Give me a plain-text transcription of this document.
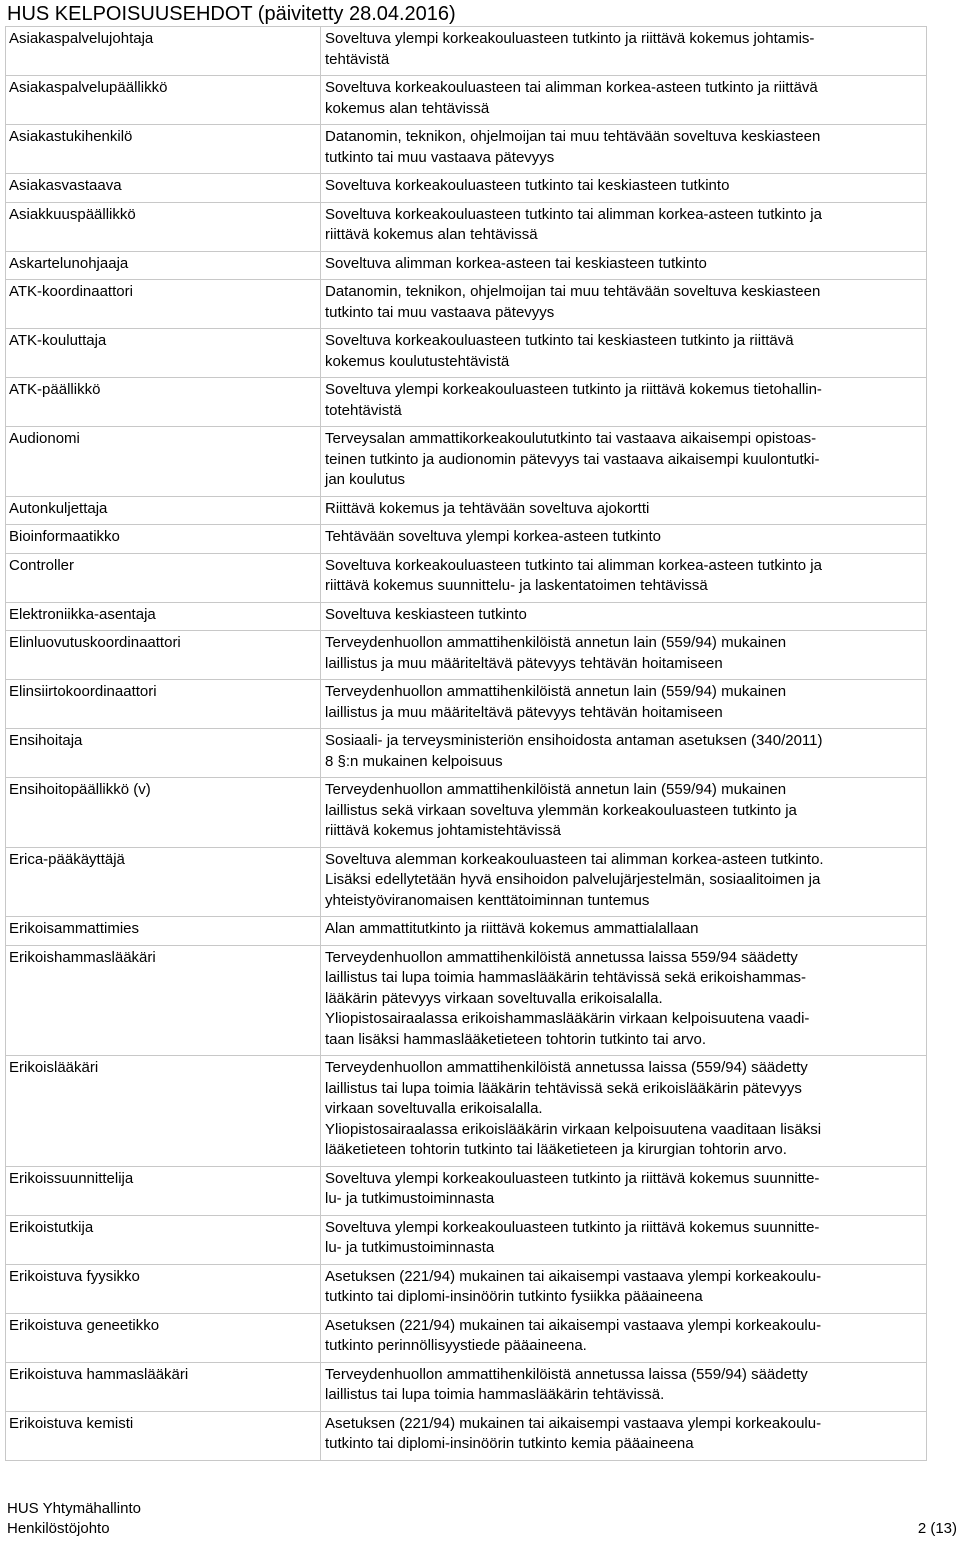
HUS KELPOISUUSEHDOT (päivitetty 28.04.2016)
Asiakaspalvelujohtaja	Soveltuva ylempi korkeakouluasteen tutkinto ja riittävä kokemus johtamis-
tehtävistä
Asiakaspalvelupäällikkö	Soveltuva korkeakouluasteen tai alimman korkea-asteen tutkinto ja riittävä
kokemus alan tehtävissä
Asiakastukihenkilö	Datanomin, teknikon, ohjelmoijan tai muu tehtävään soveltuva keskiasteen
tutkinto tai muu vastaava pätevyys
Asiakasvastaava	Soveltuva korkeakouluasteen tutkinto tai keskiasteen tutkinto
Asiakkuuspäällikkö	Soveltuva korkeakouluasteen tutkinto tai alimman korkea-asteen tutkinto ja
riittävä kokemus alan tehtävissä
Askartelunohjaaja	Soveltuva alimman korkea-asteen tai keskiasteen tutkinto
ATK-koordinaattori	Datanomin, teknikon, ohjelmoijan tai muu tehtävään soveltuva keskiasteen
tutkinto tai muu vastaava pätevyys
ATK-kouluttaja	Soveltuva korkeakouluasteen tutkinto tai keskiasteen tutkinto ja riittävä
kokemus koulutustehtävistä
ATK-päällikkö	Soveltuva ylempi korkeakouluasteen tutkinto ja riittävä kokemus tietohallin-
totehtävistä
Audionomi	Terveysalan ammattikorkeakoulututkinto tai vastaava aikaisempi opistoas-
teinen tutkinto ja audionomin pätevyys tai vastaava aikaisempi kuulontutki-
jan koulutus
Autonkuljettaja	Riittävä kokemus ja tehtävään soveltuva ajokortti
Bioinformaatikko	Tehtävään soveltuva ylempi korkea-asteen tutkinto
Controller	Soveltuva korkeakouluasteen tutkinto tai alimman korkea-asteen tutkinto ja
riittävä kokemus suunnittelu- ja laskentatoimen tehtävissä
Elektroniikka-asentaja	Soveltuva keskiasteen tutkinto
Elinluovutuskoordinaattori	Terveydenhuollon ammattihenkilöistä annetun lain (559/94) mukainen
laillistus ja muu määriteltävä pätevyys tehtävän hoitamiseen
Elinsiirtokoordinaattori	Terveydenhuollon ammattihenkilöistä annetun lain (559/94) mukainen
laillistus ja muu määriteltävä pätevyys tehtävän hoitamiseen
Ensihoitaja	Sosiaali- ja terveysministeriön ensihoidosta antaman asetuksen (340/2011)
8 §:n mukainen kelpoisuus
Ensihoitopäällikkö (v)	Terveydenhuollon ammattihenkilöistä annetun lain (559/94) mukainen
laillistus sekä virkaan soveltuva ylemmän korkeakouluasteen tutkinto ja
riittävä kokemus johtamistehtävissä
Erica-pääkäyttäjä	Soveltuva alemman korkeakouluasteen tai alimman korkea-asteen tutkinto.
Lisäksi edellytetään hyvä ensihoidon palvelujärjestelmän, sosiaalitoimen ja
yhteistyöviranomaisen kenttätoiminnan tuntemus
Erikoisammattimies	Alan ammattitutkinto ja riittävä kokemus ammattialallaan
Erikoishammaslääkäri	Terveydenhuollon ammattihenkilöistä annetussa laissa 559/94 säädetty
laillistus tai lupa toimia hammaslääkärin tehtävissä sekä erikoishammas-
lääkärin pätevyys virkaan soveltuvalla erikoisalalla.
Yliopistosairaalassa erikoishammaslääkärin virkaan kelpoisuutena vaadi-
taan lisäksi hammaslääketieteen tohtorin tutkinto tai arvo.
Erikoislääkäri	Terveydenhuollon ammattihenkilöistä annetussa laissa (559/94) säädetty
laillistus tai lupa toimia lääkärin tehtävissä sekä erikoislääkärin pätevyys
virkaan soveltuvalla erikoisalalla.
Yliopistosairaalassa erikoislääkärin virkaan kelpoisuutena vaaditaan lisäksi
lääketieteen tohtorin tutkinto tai lääketieteen ja kirurgian tohtorin arvo.
Erikoissuunnittelija	Soveltuva ylempi korkeakouluasteen tutkinto ja riittävä kokemus suunnitte-
lu- ja tutkimustoiminnasta
Erikoistutkija	Soveltuva ylempi korkeakouluasteen tutkinto ja riittävä kokemus suunnitte-
lu- ja tutkimustoiminnasta
Erikoistuva fyysikko	Asetuksen (221/94) mukainen tai aikaisempi vastaava ylempi korkeakoulu-
tutkinto tai diplomi-insinöörin tutkinto fysiikka pääaineena
Erikoistuva geneetikko	Asetuksen (221/94) mukainen tai aikaisempi vastaava ylempi korkeakoulu-
tutkinto perinnöllisyystiede pääaineena.
Erikoistuva hammaslääkäri	Terveydenhuollon ammattihenkilöistä annetussa laissa (559/94) säädetty
laillistus tai lupa toimia hammaslääkärin tehtävissä.
Erikoistuva kemisti	Asetuksen (221/94) mukainen tai aikaisempi vastaava ylempi korkeakoulu-
tutkinto tai diplomi-insinöörin tutkinto kemia pääaineena
HUS Yhtymähallinto
Henkilöstöjohto	2 (13)
